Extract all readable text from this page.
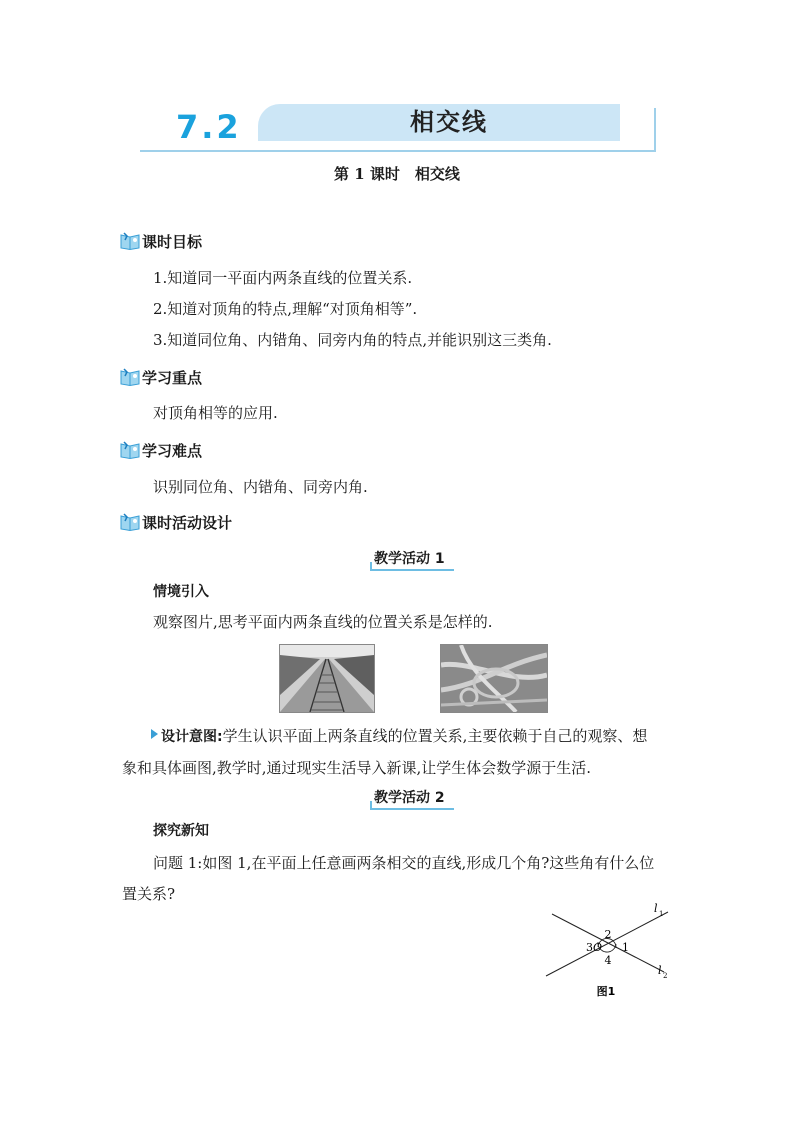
7.2	相交线
第 1 课时　相交线
课时目标
1.知道同一平面内两条直线的位置关系.
2.知道对顶角的特点,理解“对顶角相等”.
3.知道同位角、内错角、同旁内角的特点,并能识别这三类角.
学习重点
对顶角相等的应用.
学习难点
识别同位角、内错角、同旁内角.
课时活动设计
教学活动 1
情境引入
观察图片,思考平面内两条直线的位置关系是怎样的.
设计意图:学生认识平面上两条直线的位置关系,主要依赖于自己的观察、想
象和具体画图,教学时,通过现实生活导入新课,让学生体会数学源于生活.
教学活动 2
探究新知
问题 1:如图 1,在平面上任意画两条相交的直线,形成几个角?这些角有什么位
置关系?
2
1
3 O
4
l 1
l 2
图1
